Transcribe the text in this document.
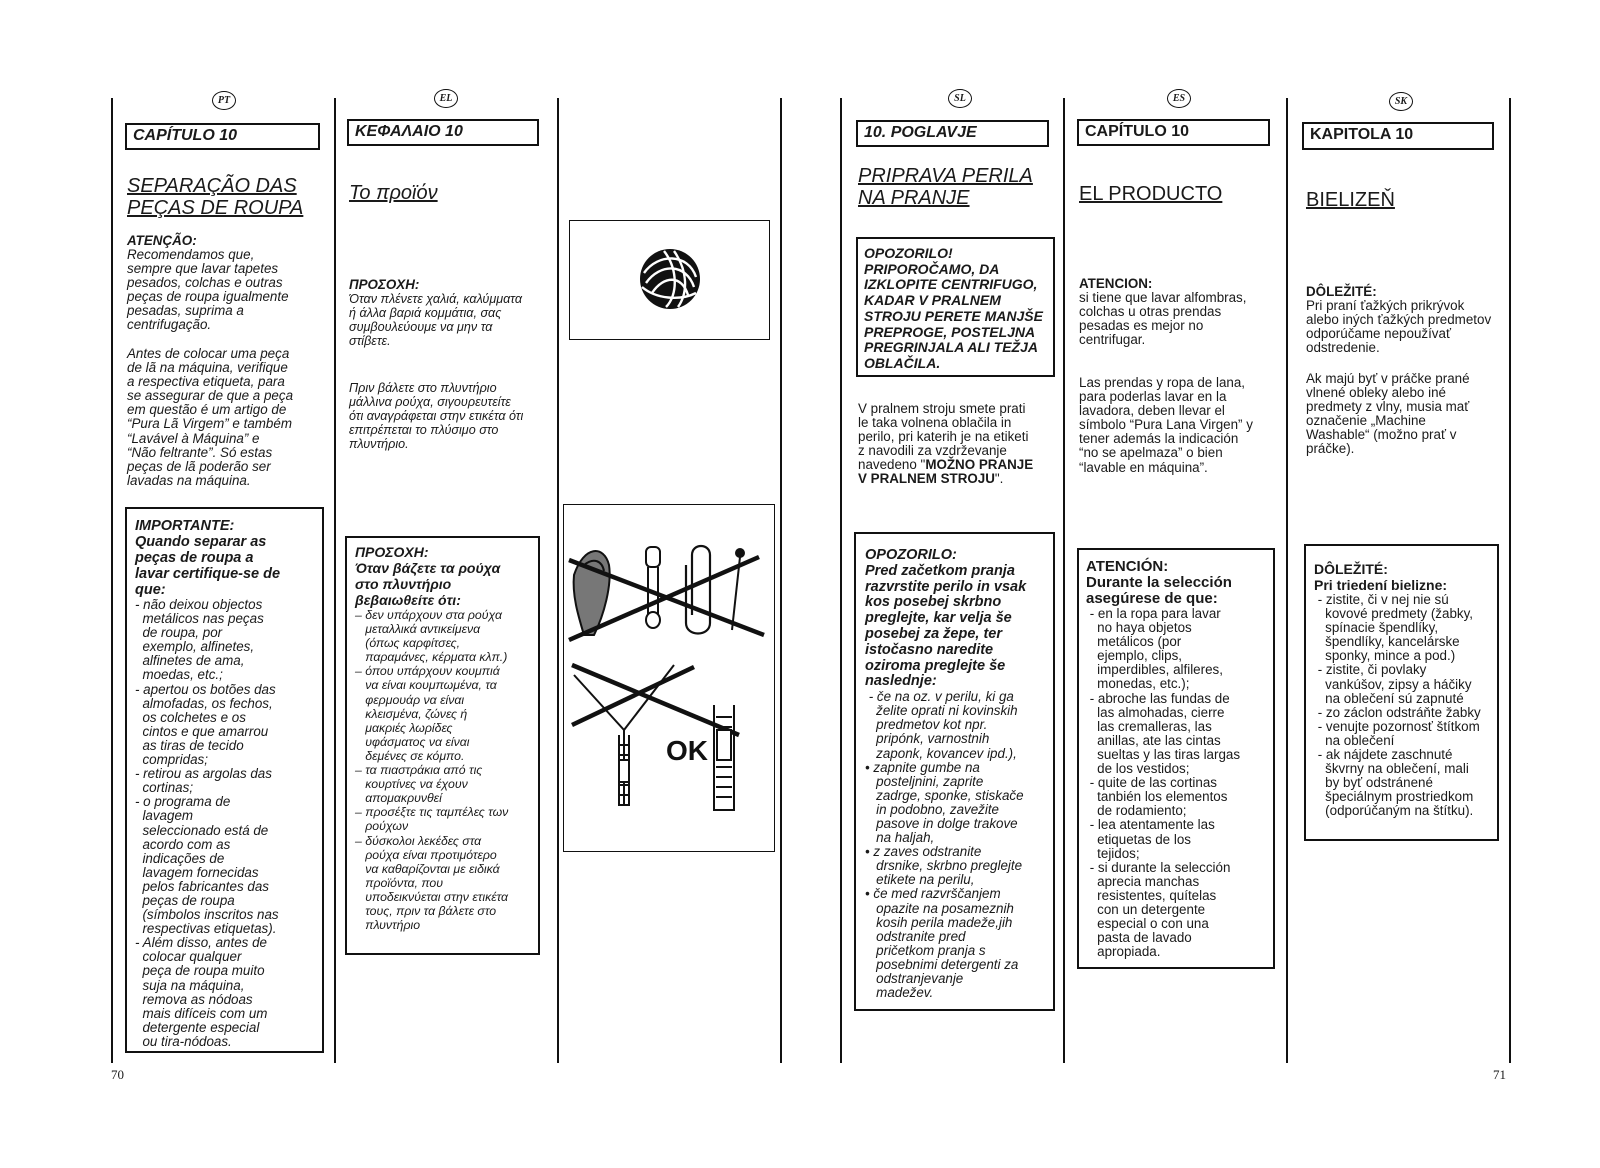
PT
CAPÍTULO 10
SEPARAÇÃO DAS
PEÇAS DE ROUPA
ATENÇÃO:
Recomendamos que,
sempre que lavar tapetes
pesados, colchas e outras
peças de roupa igualmente
pesadas, suprima a
centrifugação.
Antes de colocar uma peça
de lã na máquina, verifique
a respectiva etiqueta, para
se assegurar de que a peça
em questão é um artigo de
“Pura Lã Virgem” e também
“Lavável à Máquina” e
“Não feltrante”. Só estas
peças de lã poderão ser
lavadas na máquina.
IMPORTANTE:
Quando separar as
peças de roupa a
lavar certifique-se de
que:
- não deixou objectos
metálicos nas peças
de roupa, por
exemplo, alfinetes,
alfinetes de ama,
moedas, etc.;
- apertou os botões das
almofadas, os fechos,
os colchetes e os
cintos e que amarrou
as tiras de tecido
compridas;
- retirou as argolas das
cortinas;
- o programa de
lavagem
seleccionado está de
acordo com as
indicações de
lavagem fornecidas
pelos fabricantes das
peças de roupa
(símbolos inscritos nas
respectivas etiquetas).
- Além disso, antes de
colocar qualquer
peça de roupa muito
suja na máquina,
remova as nódoas
mais difíceis com um
detergente especial
ou tira-nódoas.
EL
ΚΕΦΑΛΑΙΟ 10
Το προϊόν
ΠΡΟΣΟΧΗ:
Όταν πλένετε χαλιά, καλύμματα
ή άλλα βαριά κομμάτια, σας
συμβουλεύουμε να μην τα
στίβετε.
Πριν βάλετε στο πλυντήριο
μάλλινα ρούχα, σιγουρευτείτε
ότι αναγράφεται στην ετικέτα ότι
επιτρέπεται το πλύσιμο στο
πλυντήριο.
ΠΡΟΣΟΧΗ:
Όταν βάζετε τα ρούχα
στο πλυντήριο
βεβαιωθείτε ότι:
– δεν υπάρχουν στα ρούχα
μεταλλικά αντικείμενα
(όπως καρφίτσες,
παραμάνες, κέρματα κλπ.)
– όπου υπάρχουν κουμπιά
να είναι κουμπωμένα, τα
φερμουάρ να είναι
κλεισμένα, ζώνες ή
μακριές λωρίδες
υφάσματος να είναι
δεμένες σε κόμπο.
– τα πιαστράκια από τις
κουρτίνες να έχουν
απομακρυνθεί
– προσέξτε τις ταμπέλες των
ρούχων
– δύσκολοι λεκέδες στα
ρούχα είναι προτιμότερο
να καθαρίζονται με ειδικά
προϊόντα, που
υποδεικνύεται στην ετικέτα
τους, πριν τα βάλετε στο
πλυντήριο
OK
SL
10. POGLAVJE
PRIPRAVA PERILA
NA PRANJE
OPOZORILO!
PRIPOROČAMO, DA
IZKLOPITE CENTRIFUGO,
KADAR V PRALNEM
STROJU PERETE MANJŠE
PREPROGE, POSTELJNA
PREGRINJALA ALI TEŽJA
OBLAČILA.
V pralnem stroju smete prati
le taka volnena oblačila in
perilo, pri katerih je na etiketi
z navodili za vzdrževanje
navedeno "MOŽNO PRANJE
V PRALNEM STROJU".
OPOZORILO:
Pred začetkom pranja
razvrstite perilo in vsak
kos posebej skrbno
preglejte, kar velja še
posebej za žepe, ter
istočasno naredite
oziroma preglejte še
naslednje:
- če na oz. v perilu, ki ga
želite oprati ni kovinskih
predmetov kot npr.
pripónk, varnostnih
zaponk, kovancev ipd.),
• zapnite gumbe na
posteljnini, zaprite
zadrge, sponke, stiskače
in podobno, zavežite
pasove in dolge trakove
na haljah,
• z zaves odstranite
drsnike, skrbno preglejte
etikete na perilu,
• če med razvrščanjem
opazite na posameznih
kosih perila madeže,jih
odstranite pred
pričetkom pranja s
posebnimi detergenti za
odstranjevanje
madežev.
ES
CAPÍTULO 10
EL PRODUCTO
ATENCION:
si tiene que lavar alfombras,
colchas u otras prendas
pesadas es mejor no
centrifugar.
Las prendas y ropa de lana,
para poderlas lavar en la
lavadora, deben llevar el
símbolo “Pura Lana Virgen” y
tener además la indicación
“no se apelmaza” o bien
“lavable en máquina”.
ATENCIÓN:
Durante la selección
asegúrese de que:
- en la ropa para lavar
no haya objetos
metálicos (por
ejemplo, clips,
imperdibles, alfileres,
monedas, etc.);
- abroche las fundas de
las almohadas, cierre
las cremalleras, las
anillas, ate las cintas
sueltas y las tiras largas
de los vestidos;
- quite de las cortinas
tanbién los elementos
de rodamiento;
- lea atentamente las
etiquetas de los
tejidos;
- si durante la selección
aprecia manchas
resistentes, quítelas
con un detergente
especial o con una
pasta de lavado
apropiada.
SK
KAPITOLA 10
BIELIZEŇ
DÔLEŽITÉ:
Pri praní ťažkých prikrývok
alebo iných ťažkých predmetov
odporúčame nepoužívať
odstredenie.
Ak majú byť v práčke prané
vlnené obleky alebo iné
predmety z vlny, musia mať
označenie „Machine
Washable“ (možno prať v
práčke).
DÔLEŽITÉ:
Pri triedení bielizne:
- zistite, či v nej nie sú
kovové predmety (žabky,
spínacie špendlíky,
špendlíky, kancelárske
sponky, mince a pod.)
- zistite, či povlaky
vankúšov, zipsy a háčiky
na oblečení sú zapnuté
- zo záclon odstráňte žabky
- venujte pozornosť štítkom
na oblečení
- ak nájdete zaschnuté
škvrny na oblečení, mali
by byť odstránené
špeciálnym prostriedkom
(odporúčaným na štítku).
70	71
